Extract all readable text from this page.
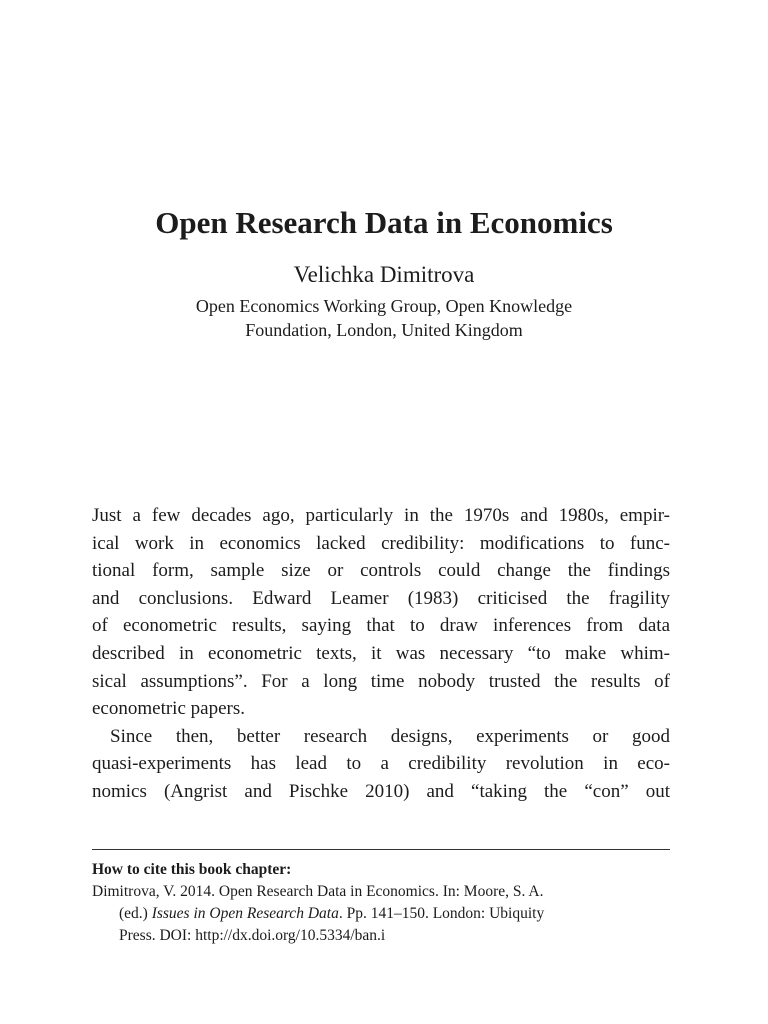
Open Research Data in Economics
Velichka Dimitrova
Open Economics Working Group, Open Knowledge
Foundation, London, United Kingdom
Just a few decades ago, particularly in the 1970s and 1980s, empir-
ical work in economics lacked credibility: modifications to func-
tional form, sample size or controls could change the findings
and conclusions. Edward Leamer (1983) criticised the fragility
of econometric results, saying that to draw inferences from data
described in econometric texts, it was necessary “to make whim-
sical assumptions”. For a long time nobody trusted the results of
econometric papers.
Since then, better research designs, experiments or good
quasi-experiments has lead to a credibility revolution in eco-
nomics (Angrist and Pischke 2010) and “taking the “con” out
How to cite this book chapter:
Dimitrova, V. 2014. Open Research Data in Economics. In: Moore, S. A.
(ed.) Issues in Open Research Data. Pp. 141–150. London: Ubiquity
Press. DOI: http://dx.doi.org/10.5334/ban.i
